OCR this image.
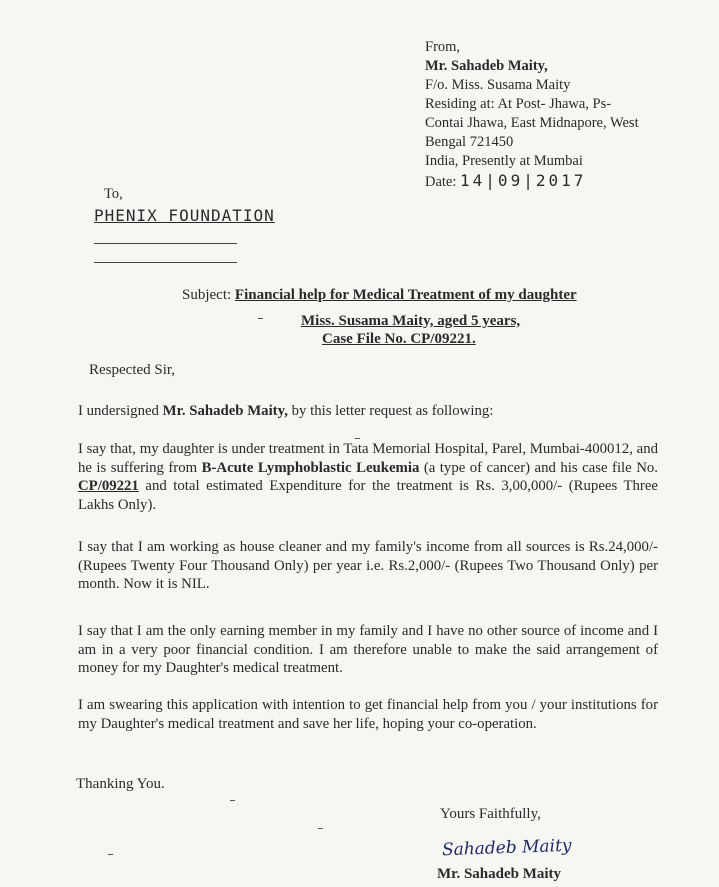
From,
Mr. Sahadeb Maity,
F/o. Miss. Susama Maity
Residing at: At Post- Jhawa, Ps-
Contai Jhawa, East Midnapore, West
Bengal 721450
India, Presently at Mumbai
Date: 14|09|2017
To,
PHENIX FOUNDATION
Subject: Financial help for Medical Treatment of my daughter
Miss. Susama Maity, aged 5 years,
Case File No. CP/09221.
Respected Sir,
I undersigned Mr. Sahadeb Maity, by this letter request as following:
I say that, my daughter is under treatment in Tata Memorial Hospital, Parel, Mumbai-400012, and he is suffering from B-Acute Lymphoblastic Leukemia (a type of cancer) and his case file No. CP/09221 and total estimated Expenditure for the treatment is Rs. 3,00,000/- (Rupees Three Lakhs Only).
I say that I am working as house cleaner and my family's income from all sources is Rs.24,000/- (Rupees Twenty Four Thousand Only) per year i.e. Rs.2,000/- (Rupees Two Thousand Only) per month. Now it is NIL.
I say that I am the only earning member in my family and I have no other source of income and I am in a very poor financial condition. I am therefore unable to make the said arrangement of money for my Daughter's medical treatment.
I am swearing this application with intention to get financial help from you / your institutions for my Daughter's medical treatment and save her life, hoping your co-operation.
Thanking You.
Yours Faithfully,
Sahadeb Maity
Mr. Sahadeb Maity
